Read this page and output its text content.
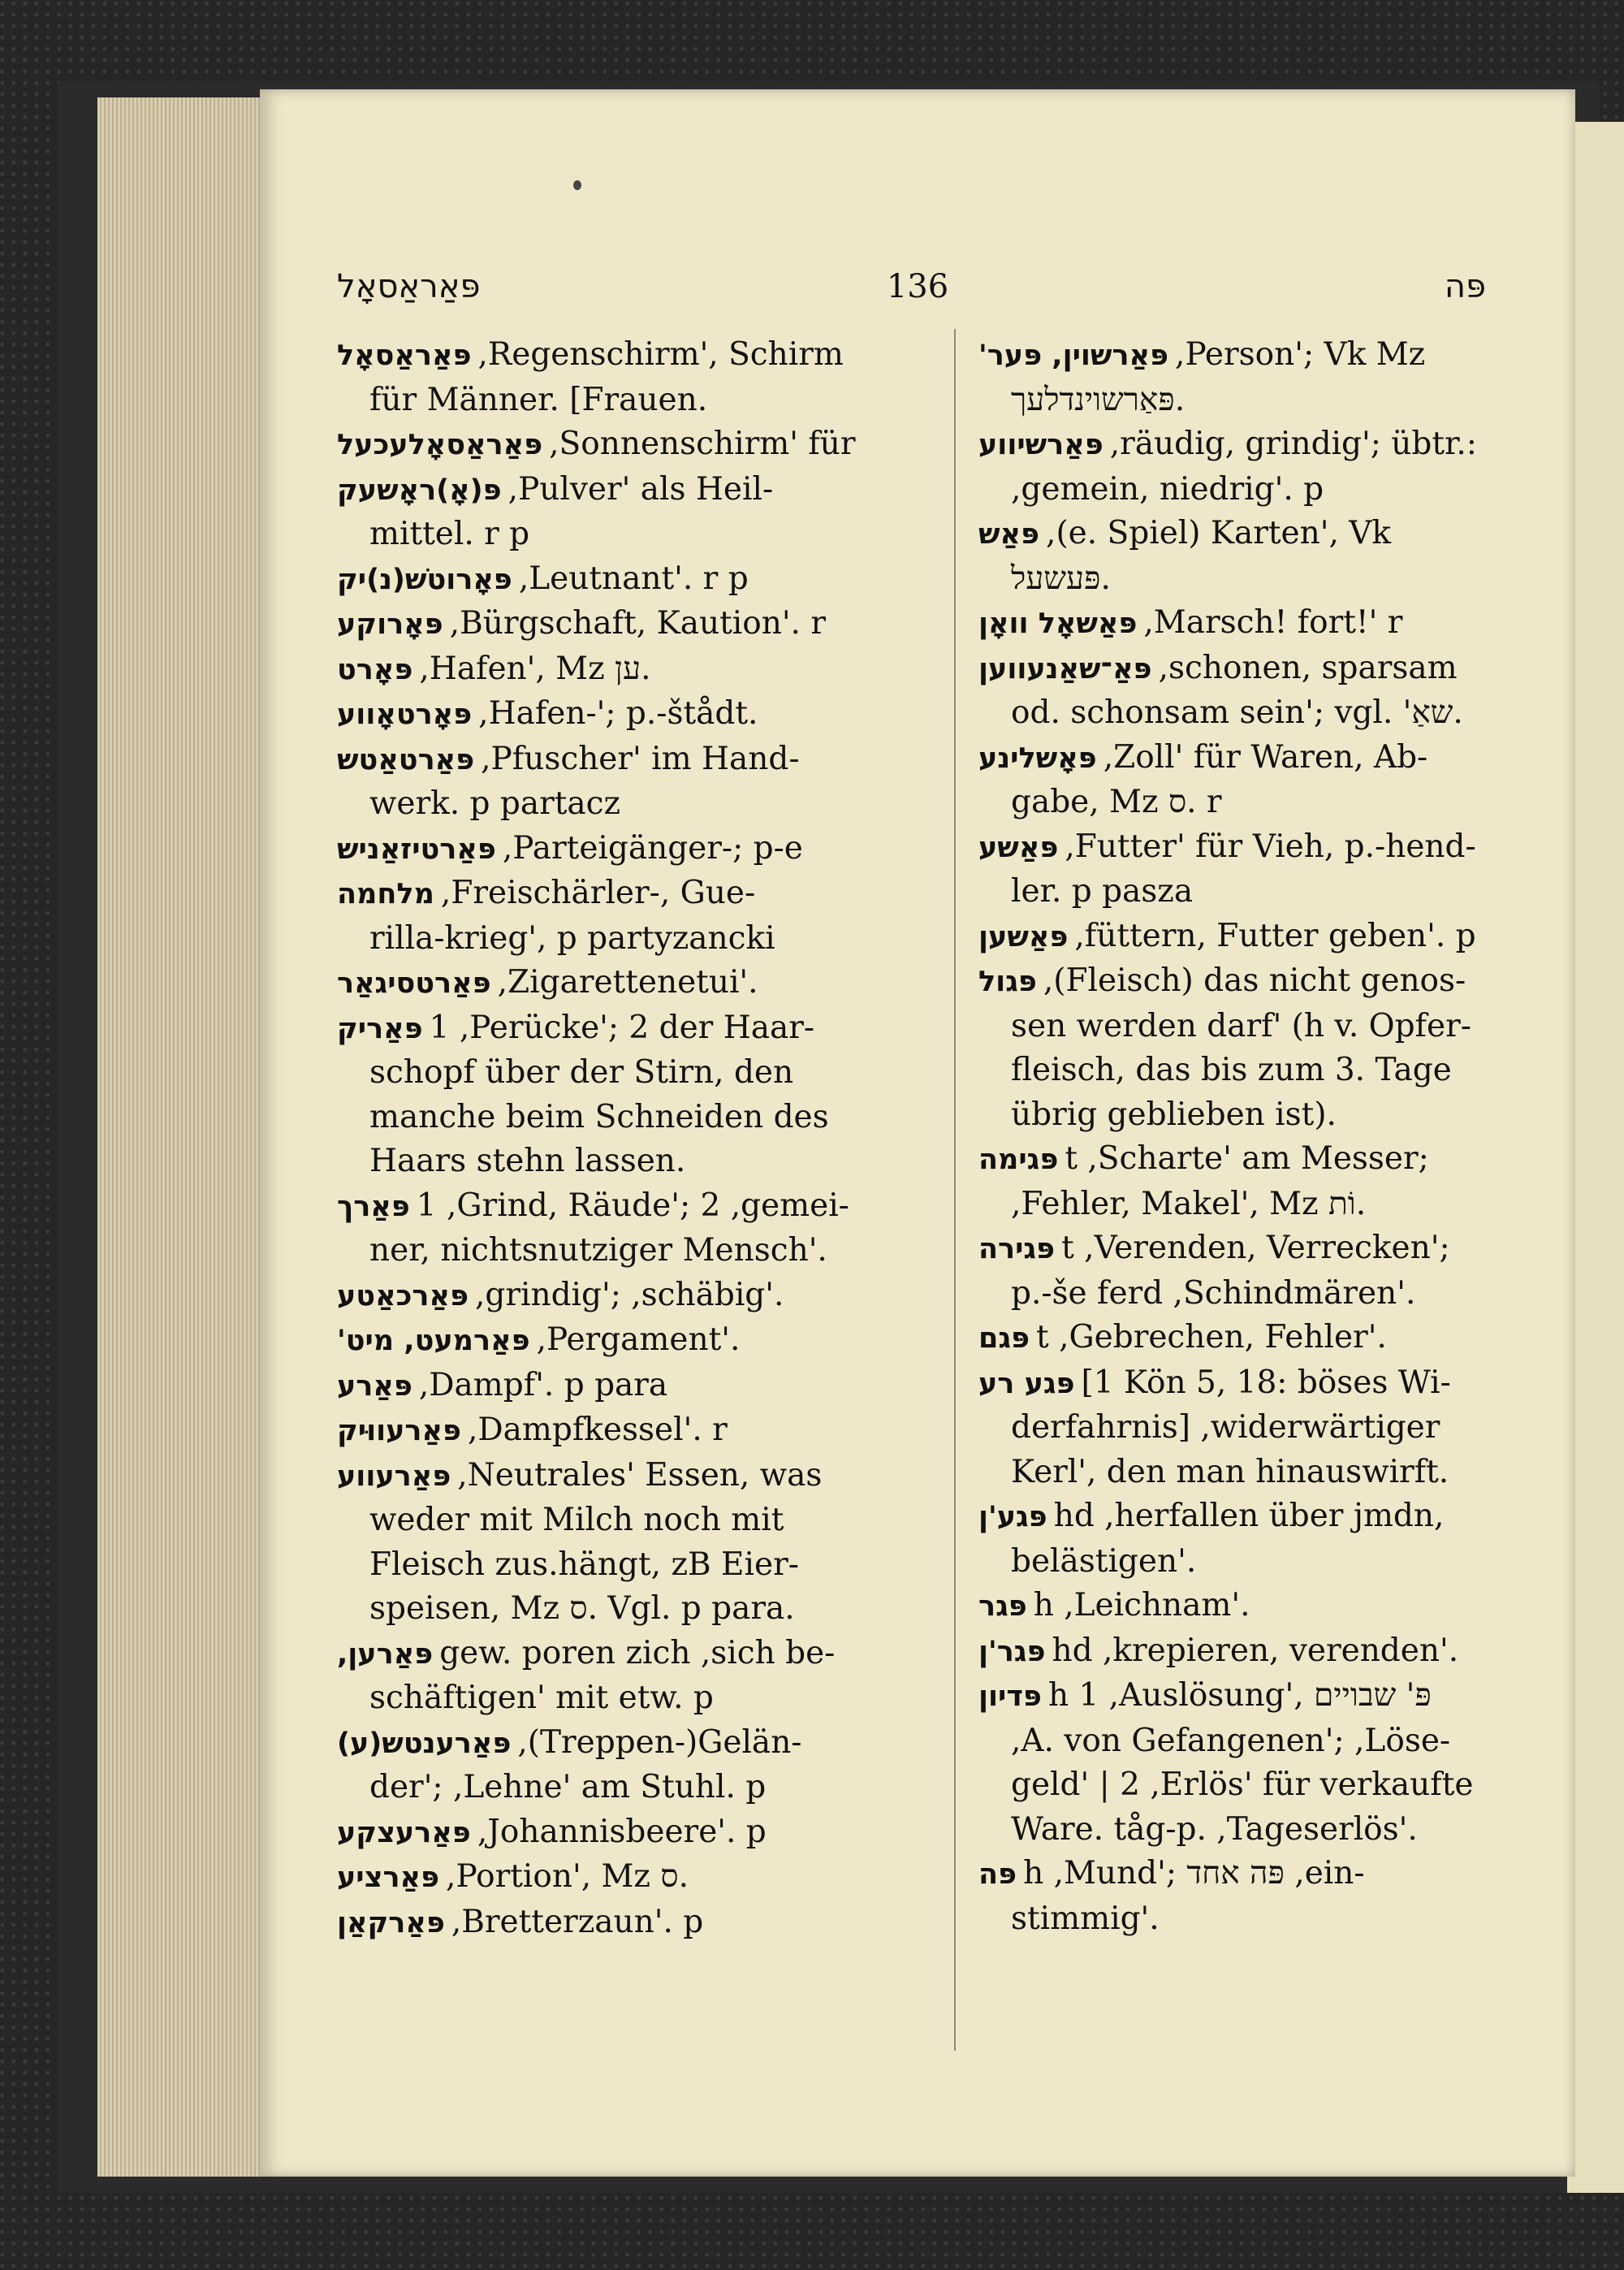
פּאַראַסאָל	136	פּה
פּאַראַסאָל ,Regenschirm', Schirm
für Männer. [Frauen.
פּאַראַסאָלעכעל ,Sonnenschirm' für
פּ(אָ)ראָשעק ,Pulver' als Heil-
mittel. r p
פּאָרוטשׁ(נ)יק ,Leutnant'. r p
פּאָרוקע ,Bürgschaft, Kaution'. r
פּאָרט ,Hafen', Mz ען.
פּאָרטאָווע ,Hafen-'; p.-štådt.
פּאַרטאַטש ,Pfuscher' im Hand-
werk. p partacz
פּאַרטיזאַניש ,Parteigänger-; p-e
מלחמה ,Freischärler-, Gue-
rilla-krieg', p partyzancki
פּאַרטסיגאַר ,Zigarettenetui'.
פּאַריק 1 ,Perücke'; 2 der Haar-
schopf über der Stirn, den
manche beim Schneiden des
Haars stehn lassen.
פּאַרך 1 ,Grind, Räude'; 2 ,gemei-
ner, nichtsnutziger Mensch'.
פּאַרכאַטע ,grindig'; ,schäbig'.
פּאַרמעט, מיט' ,Pergament'.
פּאַרע ,Dampf'. p para
פּאַרעווּיק ,Dampfkessel'. r
פּאַרעווע ,Neutrales' Essen, was
weder mit Milch noch mit
Fleisch zus.hängt, zB Eier-
speisen, Mz ס. Vgl. p para.
פּאַרען, gew. poren zich ,sich be-
schäftigen' mit etw. p
פּאַרענטש(ע) ,(Treppen-)Gelän-
der'; ,Lehne' am Stuhl. p
פּאַרעצקע ,Johannisbeere'. p
פּאַרציע ,Portion', Mz ס.
פּאַרקאַן ,Bretterzaun'. p
פּאַרשוין, פּער' ,Person'; Vk Mz
פּאַרשוינדלעך.
פּאַרשיווע ,räudig, grindig'; übtr.:
,gemein, niedrig'. p
פּאַש ,(e. Spiel) Karten', Vk
פּעשעל.
פּאַשאָל וואָן ,Marsch! fort!' r
פּאַ־שאַנעווען ,schonen, sparsam
od. schonsam sein'; vgl. 'שאַ.
פּאָשלינע ,Zoll' für Waren, Ab-
gabe, Mz ס. r
פּאַשע ,Futter' für Vieh, p.-hend-
ler. p pasza
פּאַשען ,füttern, Futter geben'. p
פּגול ,(Fleisch) das nicht genos-
sen werden darf' (h v. Opfer-
fleisch, das bis zum 3. Tage
übrig geblieben ist).
פּגימה t ,Scharte' am Messer;
,Fehler, Makel', Mz וֹת.
פּגירה t ,Verenden, Verrecken';
p.-še ferd ,Schindmären'.
פּגם t ,Gebrechen, Fehler'.
פּגע רע [1 Kön 5, 18: böses Wi-
derfahrnis] ,widerwärtiger
Kerl', den man hinauswirft.
פּגע'ן hd ,herfallen über jmdn,
belästigen'.
פּגר h ,Leichnam'.
פּגר'ן hd ,krepieren, verenden'.
פּדיון h 1 ,Auslösung', פּ' שבויים
,A. von Gefangenen'; ,Löse-
geld' | 2 ,Erlös' für verkaufte
Ware. tåg-p. ,Tageserlös'.
פּה h ,Mund'; פּה אחד ,ein-
stimmig'.
